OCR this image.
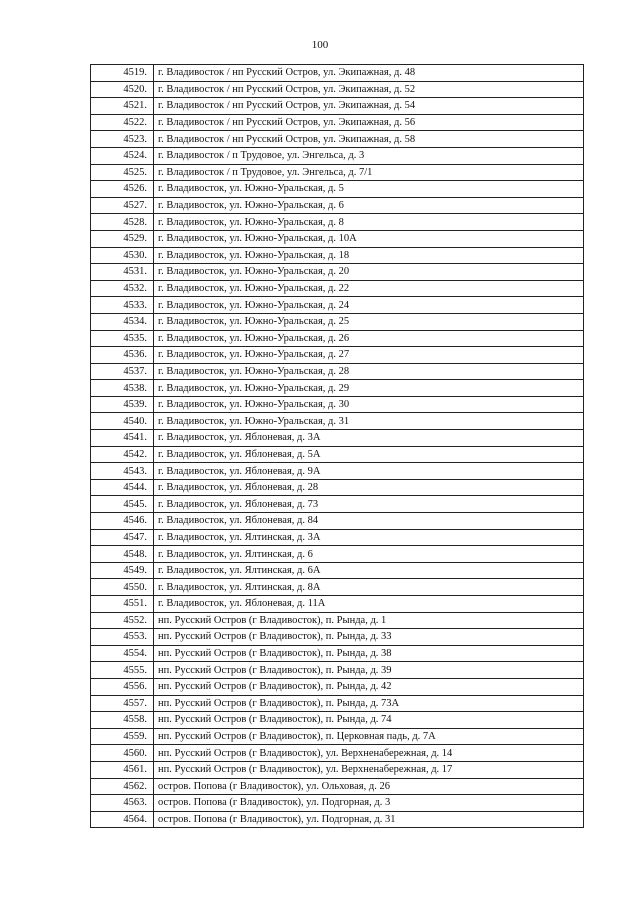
100
4519.	г. Владивосток / нп Русский Остров, ул. Экипажная, д. 48
4520.	г. Владивосток / нп Русский Остров, ул. Экипажная, д. 52
4521.	г. Владивосток / нп Русский Остров, ул. Экипажная, д. 54
4522.	г. Владивосток / нп Русский Остров, ул. Экипажная, д. 56
4523.	г. Владивосток / нп Русский Остров, ул. Экипажная, д. 58
4524.	г. Владивосток / п Трудовое, ул. Энгельса, д. 3
4525.	г. Владивосток / п Трудовое, ул. Энгельса, д. 7/1
4526.	г. Владивосток, ул. Южно-Уральская, д. 5
4527.	г. Владивосток, ул. Южно-Уральская, д. 6
4528.	г. Владивосток, ул. Южно-Уральская, д. 8
4529.	г. Владивосток, ул. Южно-Уральская, д. 10А
4530.	г. Владивосток, ул. Южно-Уральская, д. 18
4531.	г. Владивосток, ул. Южно-Уральская, д. 20
4532.	г. Владивосток, ул. Южно-Уральская, д. 22
4533.	г. Владивосток, ул. Южно-Уральская, д. 24
4534.	г. Владивосток, ул. Южно-Уральская, д. 25
4535.	г. Владивосток, ул. Южно-Уральская, д. 26
4536.	г. Владивосток, ул. Южно-Уральская, д. 27
4537.	г. Владивосток, ул. Южно-Уральская, д. 28
4538.	г. Владивосток, ул. Южно-Уральская, д. 29
4539.	г. Владивосток, ул. Южно-Уральская, д. 30
4540.	г. Владивосток, ул. Южно-Уральская, д. 31
4541.	г. Владивосток, ул. Яблоневая, д. 3А
4542.	г. Владивосток, ул. Яблоневая, д. 5А
4543.	г. Владивосток, ул. Яблоневая, д. 9А
4544.	г. Владивосток, ул. Яблоневая, д. 28
4545.	г. Владивосток, ул. Яблоневая, д. 73
4546.	г. Владивосток, ул. Яблоневая, д. 84
4547.	г. Владивосток, ул. Ялтинская, д. 3А
4548.	г. Владивосток, ул. Ялтинская, д. 6
4549.	г. Владивосток, ул. Ялтинская, д. 6А
4550.	г. Владивосток, ул. Ялтинская, д. 8А
4551.	г. Владивосток, ул. Яблоневая, д. 11А
4552.	нп. Русский Остров (г Владивосток), п. Рында, д. 1
4553.	нп. Русский Остров (г Владивосток), п. Рында, д. 33
4554.	нп. Русский Остров (г Владивосток), п. Рында, д. 38
4555.	нп. Русский Остров (г Владивосток), п. Рында, д. 39
4556.	нп. Русский Остров (г Владивосток), п. Рында, д. 42
4557.	нп. Русский Остров (г Владивосток), п. Рында, д. 73А
4558.	нп. Русский Остров (г Владивосток), п. Рында, д. 74
4559.	нп. Русский Остров (г Владивосток), п. Церковная падь, д. 7А
4560.	нп. Русский Остров (г Владивосток), ул. Верхненабережная, д. 14
4561.	нп. Русский Остров (г Владивосток), ул. Верхненабережная, д. 17
4562.	остров. Попова (г Владивосток), ул. Ольховая, д. 26
4563.	остров. Попова (г Владивосток), ул. Подгорная, д. 3
4564.	остров. Попова (г Владивосток), ул. Подгорная, д. 31
